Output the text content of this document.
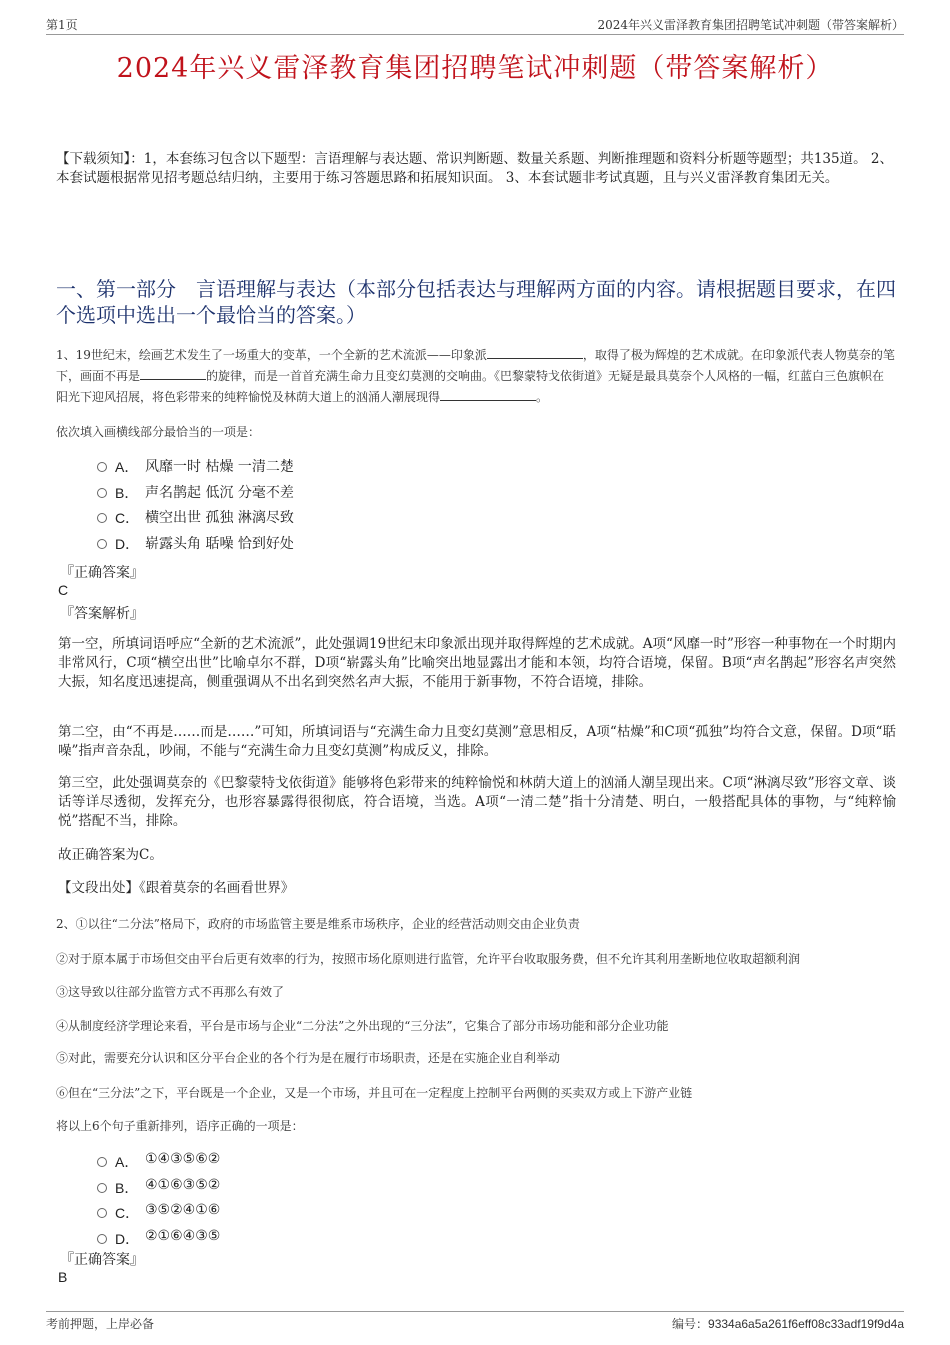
第1页	2024年兴义雷泽教育集团招聘笔试冲刺题（带答案解析）
2024年兴义雷泽教育集团招聘笔试冲刺题（带答案解析）
【下载须知】：1，本套练习包含以下题型：言语理解与表达题、常识判断题、数量关系题、判断推理题和资料分析题等题型；共135道。 2、本套试题根据常见招考题总结归纳，主要用于练习答题思路和拓展知识面。 3、本套试题非考试真题，且与兴义雷泽教育集团无关。
一、第一部分　言语理解与表达（本部分包括表达与理解两方面的内容。请根据题目要求，在四个选项中选出一个最恰当的答案。）
1、19世纪末，绘画艺术发生了一场重大的变革，一个全新的艺术流派——印象派	，取得了极为辉煌的艺术成就。在印象派代表人物莫奈的笔下，画面不再是	的旋律，而是一首首充满生命力且变幻莫测的交响曲。《巴黎蒙特戈依街道》无疑是最具莫奈个人风格的一幅，红蓝白三色旗帜在阳光下迎风招展，将色彩带来的纯粹愉悦及林荫大道上的汹涌人潮展现得	。
依次填入画横线部分最恰当的一项是：
A． 风靡一时 枯燥 一清二楚
B． 声名鹊起 低沉 分毫不差
C． 横空出世 孤独 淋漓尽致
D． 崭露头角 聒噪 恰到好处
『正确答案』
C
『答案解析』
第一空，所填词语呼应“全新的艺术流派”，此处强调19世纪末印象派出现并取得辉煌的艺术成就。A项“风靡一时”形容一种事物在一个时期内非常风行，C项“横空出世”比喻卓尔不群，D项“崭露头角”比喻突出地显露出才能和本领，均符合语境，保留。B项“声名鹊起”形容名声突然大振，知名度迅速提高，侧重强调从不出名到突然名声大振，不能用于新事物，不符合语境，排除。
第二空，由“不再是……而是……”可知，所填词语与“充满生命力且变幻莫测”意思相反，A项“枯燥”和C项“孤独”均符合文意，保留。D项“聒噪”指声音杂乱，吵闹，不能与“充满生命力且变幻莫测”构成反义，排除。
第三空，此处强调莫奈的《巴黎蒙特戈依街道》能够将色彩带来的纯粹愉悦和林荫大道上的汹涌人潮呈现出来。C项“淋漓尽致”形容文章、谈话等详尽透彻，发挥充分，也形容暴露得很彻底，符合语境，当选。A项“一清二楚”指十分清楚、明白，一般搭配具体的事物，与“纯粹愉悦”搭配不当，排除。
故正确答案为C。
【文段出处】《跟着莫奈的名画看世界》
2、①以往“二分法”格局下，政府的市场监管主要是维系市场秩序，企业的经营活动则交由企业负责
②对于原本属于市场但交由平台后更有效率的行为，按照市场化原则进行监管，允许平台收取服务费，但不允许其利用垄断地位收取超额利润
③这导致以往部分监管方式不再那么有效了
④从制度经济学理论来看，平台是市场与企业“二分法”之外出现的“三分法”，它集合了部分市场功能和部分企业功能
⑤对此，需要充分认识和区分平台企业的各个行为是在履行市场职责，还是在实施企业自利举动
⑥但在“三分法”之下，平台既是一个企业，又是一个市场，并且可在一定程度上控制平台两侧的买卖双方或上下游产业链
将以上6个句子重新排列，语序正确的一项是：
A． ①④③⑤⑥②
B． ④①⑥③⑤②
C． ③⑤②④①⑥
D． ②①⑥④③⑤
『正确答案』
B
考前押题，上岸必备	编号：9334a6a5a261f6eff08c33adf19f9d4a
